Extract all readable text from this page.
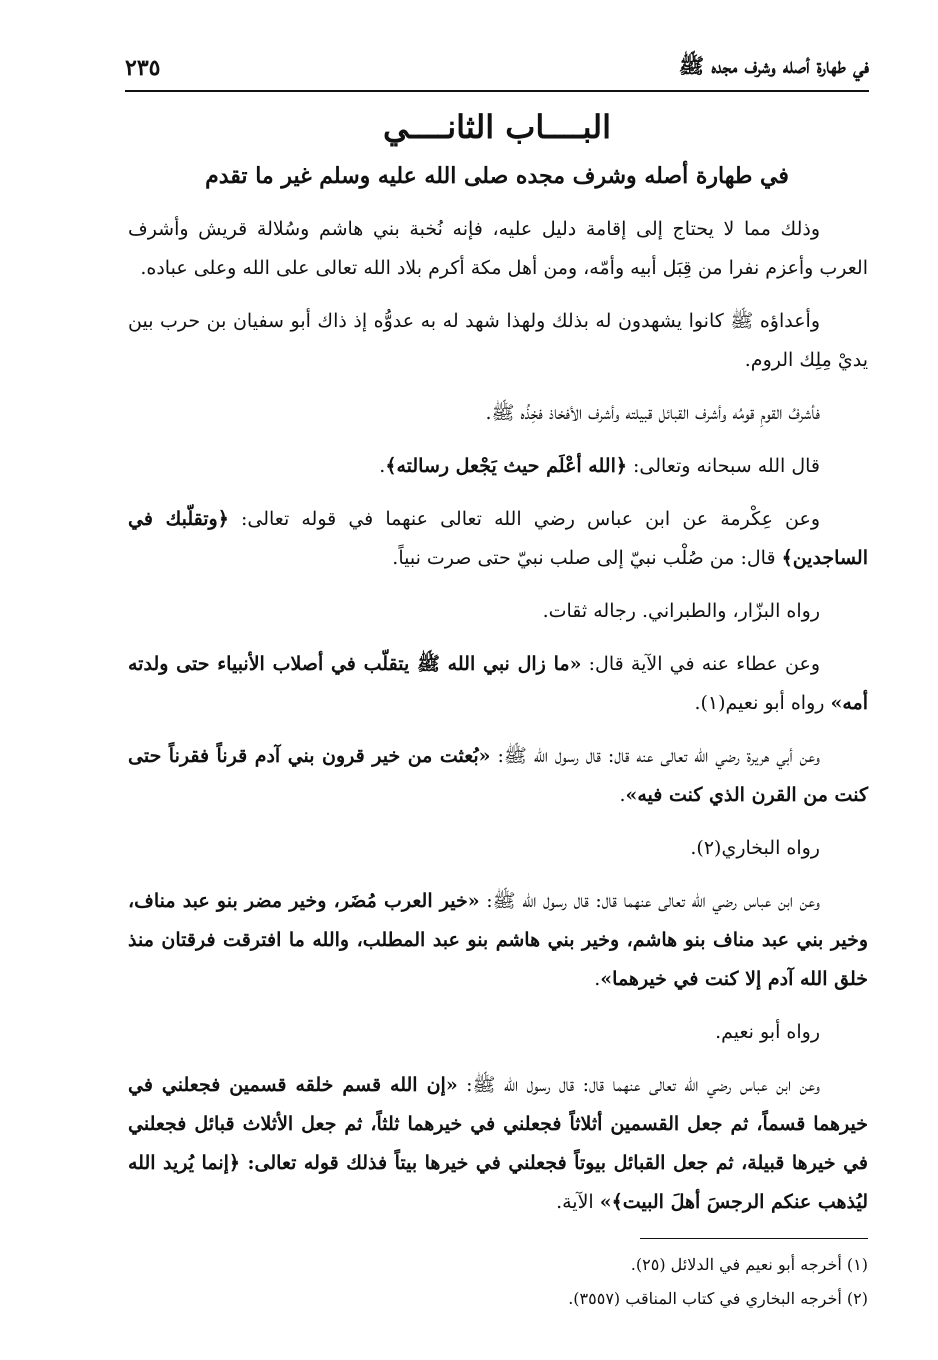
في طهارة أصله وشرف مجده ﷺ
٢٣٥
البــــاب الثانــــي
في طهارة أصله وشرف مجده صلى الله عليه وسلم غير ما تقدم

وذلك مما لا يحتاج إلى إقامة دليل عليه، فإنه نُخبة بني هاشم وسُلالة قريش وأشرف العرب وأعزم نفرا من قِبَل أبيه وأمّه، ومن أهل مكة أكرم بلاد الله تعالى على الله وعلى عباده.

وأعداؤه ﷺ كانوا يشهدون له بذلك ولهذا شهد له به عدوُّه إذ ذاك أبو سفيان بن حرب بين يديْ مِلِك الروم.

فأشرفُ القومِ قومُه وأشرف القبائل قبيلته وأشرف الأفخاذ فخِذُه ﷺ.

قال الله سبحانه وتعالى: ﴿الله أعْلَم حيث يَجْعل رسالته﴾.

وعن عِكْرمة عن ابن عباس رضي الله تعالى عنهما في قوله تعالى: ﴿وتقلّبك في الساجدين﴾ قال: من صُلْب نبيّ إلى صلب نبيّ حتى صرت نبياً.

رواه البزّار، والطبراني. رجاله ثقات.

وعن عطاء عنه في الآية قال: «ما زال نبي الله ﷺ يتقلّب في أصلاب الأنبياء حتى ولدته أمه» رواه أبو نعيم(١).

وعن أبي هريرة رضي الله تعالى عنه قال: قال رسول الله ﷺ: «بُعثت من خير قرون بني آدم قرناً فقرناً حتى كنت من القرن الذي كنت فيه».

رواه البخاري(٢).

وعن ابن عباس رضي الله تعالى عنهما قال: قال رسول الله ﷺ: «خير العرب مُضَر، وخير مضر بنو عبد مناف، وخير بني عبد مناف بنو هاشم، وخير بني هاشم بنو عبد المطلب، والله ما افترقت فرقتان منذ خلق الله آدم إلا كنت في خيرهما».

رواه أبو نعيم.

وعن ابن عباس رضي الله تعالى عنهما قال: قال رسول الله ﷺ: «إن الله قسم خلقه قسمين فجعلني في خيرهما قسماً، ثم جعل القسمين أثلاثاً فجعلني في خيرهما ثلثاً، ثم جعل الأثلاث قبائل فجعلني في خيرها قبيلة، ثم جعل القبائل بيوتاً فجعلني في خيرها بيتاً فذلك قوله تعالى: ﴿إنما يُريد الله ليُذهب عنكم الرجسَ أهلَ البيت﴾» الآية.

(١) أخرجه أبو نعيم في الدلائل (٢٥).

(٢) أخرجه البخاري في كتاب المناقب (٣٥٥٧).
